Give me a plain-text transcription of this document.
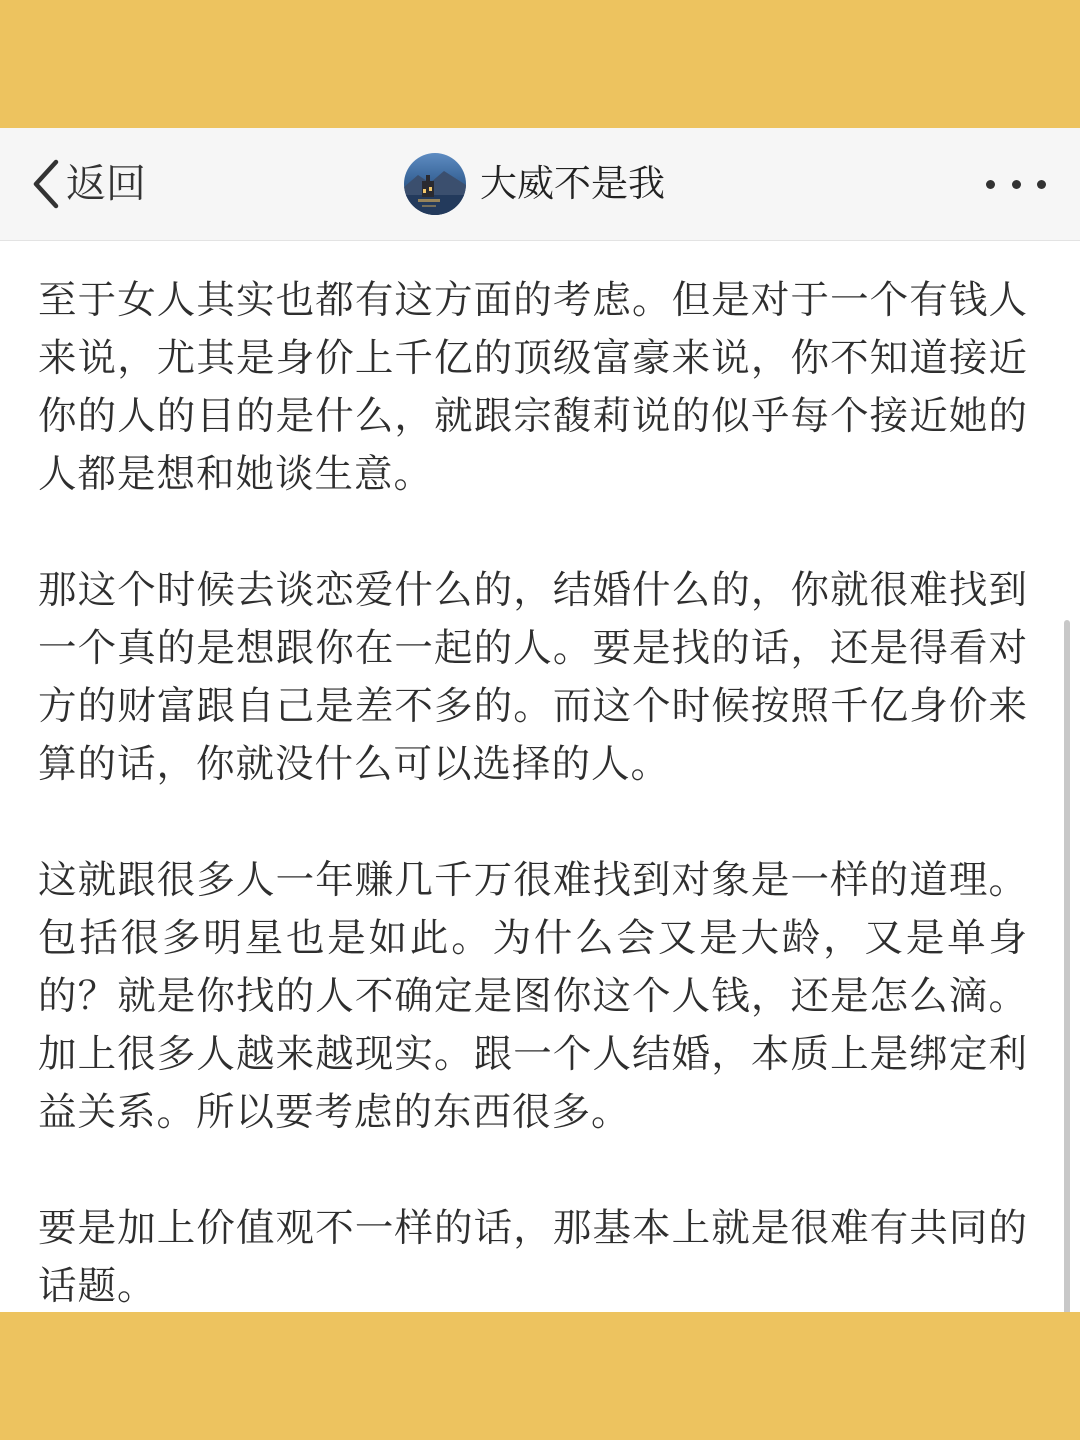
返回	大威不是我

至于女人其实也都有这方面的考虑。但是对于一个有钱人来说，尤其是身价上千亿的顶级富豪来说，你不知道接近你的人的目的是什么，就跟宗馥莉说的似乎每个接近她的人都是想和她谈生意。

那这个时候去谈恋爱什么的，结婚什么的，你就很难找到一个真的是想跟你在一起的人。要是找的话，还是得看对方的财富跟自己是差不多的。而这个时候按照千亿身价来算的话，你就没什么可以选择的人。

这就跟很多人一年赚几千万很难找到对象是一样的道理。包括很多明星也是如此。为什么会又是大龄，又是单身的？就是你找的人不确定是图你这个人钱，还是怎么滴。加上很多人越来越现实。跟一个人结婚，本质上是绑定利益关系。所以要考虑的东西很多。

要是加上价值观不一样的话，那基本上就是很难有共同的话题。
